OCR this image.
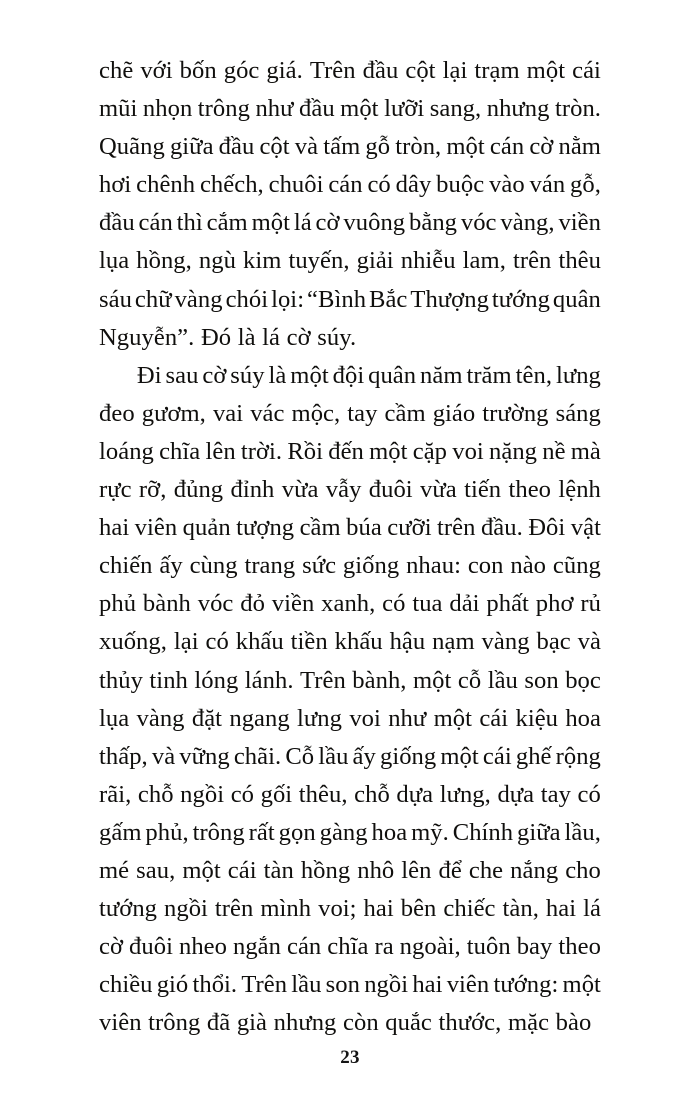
chẽ với bốn góc giá. Trên đầu cột lại trạm một cái
mũi nhọn trông như đầu một lưỡi sang, nhưng tròn.
Quãng giữa đầu cột và tấm gỗ tròn, một cán cờ nằm
hơi chênh chếch, chuôi cán có dây buộc vào ván gỗ,
đầu cán thì cắm một lá cờ vuông bằng vóc vàng, viền
lụa hồng, ngù kim tuyến, giải nhiễu lam, trên thêu
sáu chữ vàng chói lọi: “Bình Bắc Thượng tướng quân
Nguyễn”. Đó là lá cờ súy.
Đi sau cờ súy là một đội quân năm trăm tên, lưng
đeo gươm, vai vác mộc, tay cầm giáo trường sáng
loáng chĩa lên trời. Rồi đến một cặp voi nặng nề mà
rực rỡ, đủng đỉnh vừa vẫy đuôi vừa tiến theo lệnh
hai viên quản tượng cầm búa cưỡi trên đầu. Đôi vật
chiến ấy cùng trang sức giống nhau: con nào cũng
phủ bành vóc đỏ viền xanh, có tua dải phất phơ rủ
xuống, lại có khấu tiền khấu hậu nạm vàng bạc và
thủy tinh lóng lánh. Trên bành, một cỗ lầu son bọc
lụa vàng đặt ngang lưng voi như một cái kiệu hoa
thấp, và vững chãi. Cỗ lầu ấy giống một cái ghế rộng
rãi, chỗ ngồi có gối thêu, chỗ dựa lưng, dựa tay có
gấm phủ, trông rất gọn gàng hoa mỹ. Chính giữa lầu,
mé sau, một cái tàn hồng nhô lên để che nắng cho
tướng ngồi trên mình voi; hai bên chiếc tàn, hai lá
cờ đuôi nheo ngắn cán chĩa ra ngoài, tuôn bay theo
chiều gió thổi. Trên lầu son ngồi hai viên tướng: một
viên trông đã già nhưng còn quắc thước, mặc bào
23
